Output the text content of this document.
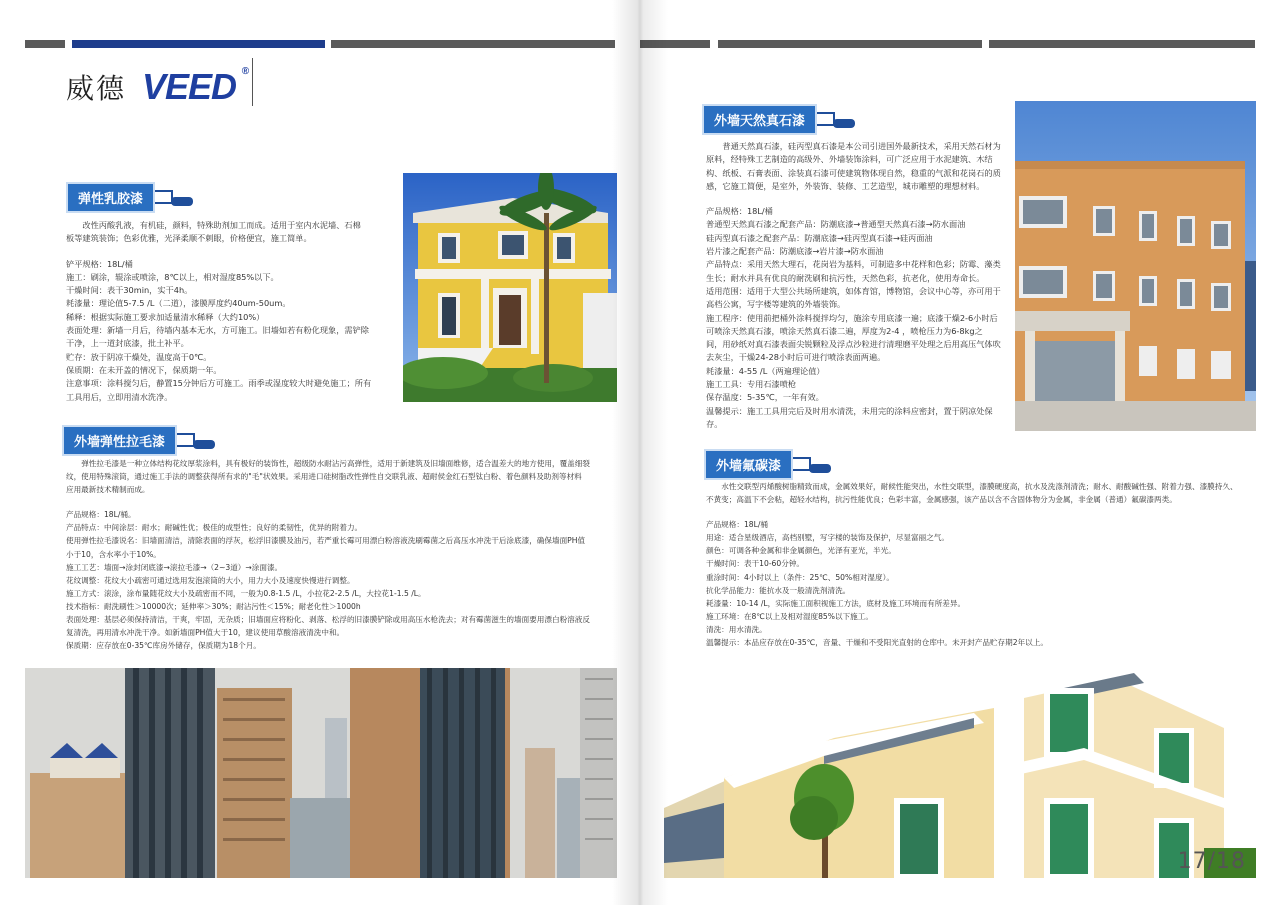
威德 VEED ®
弹性乳胶漆

改性丙酸乳液，有机硅，颜料，特殊助剂加工而成。适用于室内水泥墙、石棉

板等建筑装饰；色彩优雅，光泽柔顺不刺眼，价格便宜，施工简单。

铲平规格：18L/桶

施工：刷涂，辊涂或喷涂，8℃以上，相对湿度85%以下。

干燥时间：表干30min，实干4h。

耗漆量：理论值5-7.5 /L（二道），漆膜厚度约40um-50um。

稀释：根据实际施工要求加适量清水稀释（大约10%）

表面处理：新墙一月后，待墙内基本无水，方可施工。旧墙如若有粉化现象，需铲除

干净，上一道封底漆，批土补平。

贮存：放于阴凉干燥处，温度高于0℃。

保质期：在未开盖的情况下，保质期一年。

注意事项：涂料搅匀后，静置15分钟后方可施工。雨季或湿度较大时避免施工；所有

工具用后，立即用清水洗净。

外墙弹性拉毛漆

弹性拉毛漆是一种立体结构花纹厚浆涂料，具有极好的装饰性，超级防水耐沾污高弹性，适用于新建筑及旧墙面维修，适合温差大的地方使用，覆盖细裂

纹，使用特殊滚筒，通过施工手法的调整获得所有求的"毛"状效果。采用进口硅树脂改性弹性自交联乳液、超耐侯金红石型钛白粉、着色颜料及助剂等材料

应用最新技术精制而成。

产品规格：18L/桶。

产品特点：中间涂层：耐水；耐碱性优；极佳的成型性；良好的柔韧性，优异的附着力。

使用弹性拉毛漆说名：旧墙面清洁，清除表面的浮灰，松浮旧漆膜及油污，若严重长霉可用漂白粉溶液洗刷霉菌之后高压水冲洗干后涂底漆，确保墙面PH值

小于10，含水率小于10%。

施工工艺：墙面→涂封闭底漆→滚拉毛漆→（2~3道）→涂面漆。

花纹调整：花纹大小疏密可通过选用发泡滚筒的大小，用力大小及速度快慢进行调整。

施工方式：滚涂，涂布量随花纹大小及疏密而不同，一般为0.8-1.5 /L，小拉花2-2.5 /L，大拉花1-1.5 /L。

技术指标：耐洗刷性＞10000次；延伸率＞30%；耐沾污性＜15%；耐老化性＞1000h

表面处理：基层必须保持清洁，干爽，牢固，无杂质；旧墙面应将粉化、剥落、松浮的旧漆膜铲除或用高压水枪洗去；对有霉菌滋生的墙面要用漂白粉溶液反

复清洗，再用清水冲洗干净。如新墙面PH值大于10，建议使用草酸溶液清洗中和。

保质期：应存放在0-35℃库房外储存，保质期为18个月。

外墙天然真石漆

普通天然真石漆，硅丙型真石漆是本公司引进国外最新技术，采用天然石材为

原料，经特殊工艺制造的高级外、外墙装饰涂料，可广泛应用于水泥建筑、木结

构、纸板、石膏表面、涂装真石漆可使建筑物体现自然，稳重的气派和花岗石的质

感，它施工简便，是室外，外装饰、装修、工艺造型，城市雕塑的理想材料。

产品规格：18L/桶

普通型天然真石漆之配套产品：防潮底漆→普通型天然真石漆→防水面油

硅丙型真石漆之配套产品：防潮底漆→硅丙型真石漆→硅丙面油

岩片漆之配套产品：防潮底漆→岩片漆→防水面油

产品特点：采用天然大理石，花岗岩为基料，可制造多中花样和色彩；防霉、藻类

生长；耐水并具有优良的耐洗刷和抗污性，天然色彩，抗老化，使用寿命长。

适用范围：适用于大型公共场所建筑，如体育馆，博物馆，会议中心等，亦可用于

高档公寓，写字楼等建筑的外墙装饰。

施工程序：使用前把桶外涂料搅拌均匀，施涂专用底漆一遍；底漆干燥2-6小时后

可喷涂天然真石漆，喷涂天然真石漆二遍，厚度为2-4 ，喷枪压力为6-8kg之

间，用砂纸对真石漆表面尖锐颗粒及浮点沙粒进行清理磨平处理之后用高压气体吹

去灰尘，干燥24-28小时后可进行喷涂表面两遍。

耗漆量：4-55 /L（两遍理论值）

施工工具：专用石漆喷枪

保存温度：5-35℃，一年有效。

温馨提示：施工工具用完后及时用水清洗，未用完的涂料应密封，置于阴凉处保

存。

外墙氟碳漆

水性交联型丙烯酸树脂精致而成，金属效果好，耐候性能突出，水性交联型，漆膜硬度高，抗水及洗涤剂清洗；耐水、耐酸碱性强、附着力强、漆膜持久、

不黄变；高温下不会粘，超轻水结构，抗污性能优良；色彩丰富，金属感强，该产品以含不含固体物分为金属，非金属（普通）氟碳漆两类。

产品规格：18L/桶

用途：适合星级酒店，高档别墅，写字楼的装饰及保护，尽显富丽之气。

颜色：可调各种金属和非金属颜色，光泽有亚光，半光。

干燥时间：表干10-60分钟。

重涂时间：4小时以上（条件：25℃、50%相对湿度）。

抗化学品能力：能抗水及一般清洗剂清洗。

耗漆量：10-14 /L，实际施工面积视施工方法，底材及施工环境而有所差异。

施工环境：在8℃以上及相对湿度85%以下施工。

清洗：用水清洗。

温馨提示：本品应存放在0-35℃，音量、干燥和不受阳光直射的仓库中。未开封产品贮存期2年以上。

17/18
